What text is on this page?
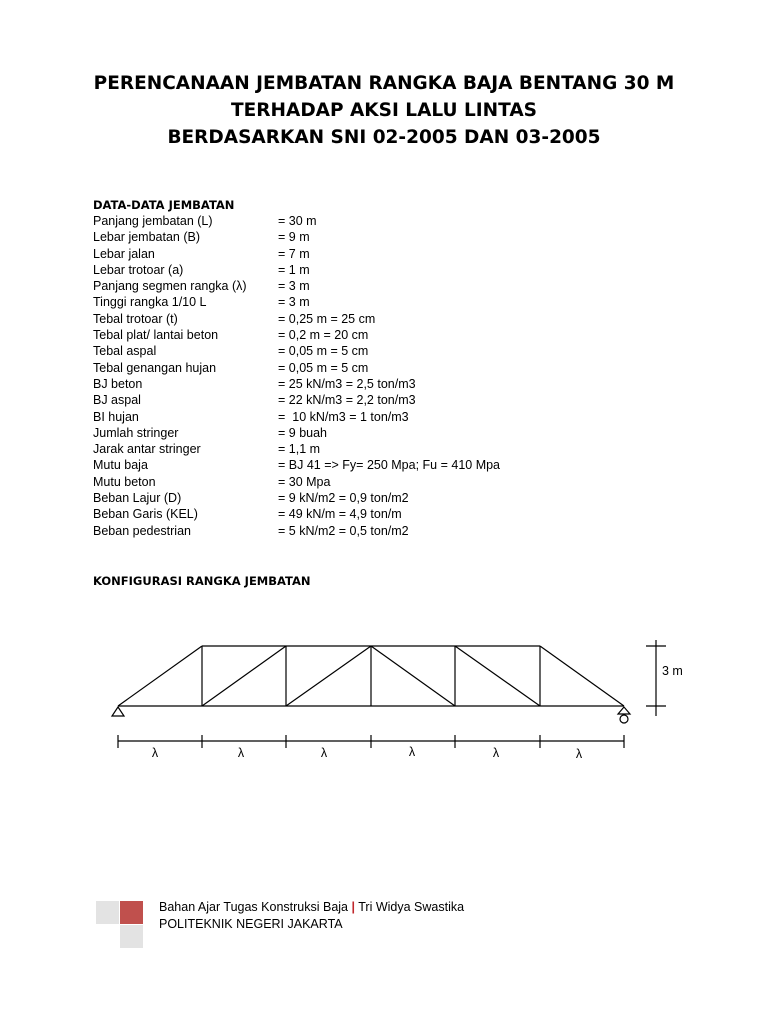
PERENCANAAN JEMBATAN RANGKA BAJA BENTANG 30 M
TERHADAP AKSI LALU LINTAS
BERDASARKAN SNI 02-2005 DAN 03-2005
DATA-DATA JEMBATAN
Panjang jembatan (L)	= 30 m
Lebar jembatan (B)	= 9 m
Lebar jalan	= 7 m
Lebar trotoar (a)	= 1 m
Panjang segmen rangka (λ)	= 3 m
Tinggi rangka 1/10 L	= 3 m
Tebal trotoar (t)	= 0,25 m = 25 cm
Tebal plat/ lantai beton	= 0,2 m = 20 cm
Tebal aspal	= 0,05 m = 5 cm
Tebal genangan hujan	= 0,05 m = 5 cm
BJ beton	= 25 kN/m3 = 2,5 ton/m3
BJ aspal	= 22 kN/m3 = 2,2 ton/m3
BI hujan	=  10 kN/m3 = 1 ton/m3
Jumlah stringer	= 9 buah
Jarak antar stringer	= 1,1 m
Mutu baja	= BJ 41 => Fy= 250 Mpa; Fu = 410 Mpa
Mutu beton	= 30 Mpa
Beban Lajur (D)	= 9 kN/m2 = 0,9 ton/m2
Beban Garis (KEL)	= 49 kN/m = 4,9 ton/m
Beban pedestrian	= 5 kN/m2 = 0,5 ton/m2
KONFIGURASI RANGKA JEMBATAN
3 m
λ	λ	λ	λ	λ	λ
Bahan Ajar Tugas Konstruksi Baja | Tri Widya Swastika
POLITEKNIK NEGERI JAKARTA
